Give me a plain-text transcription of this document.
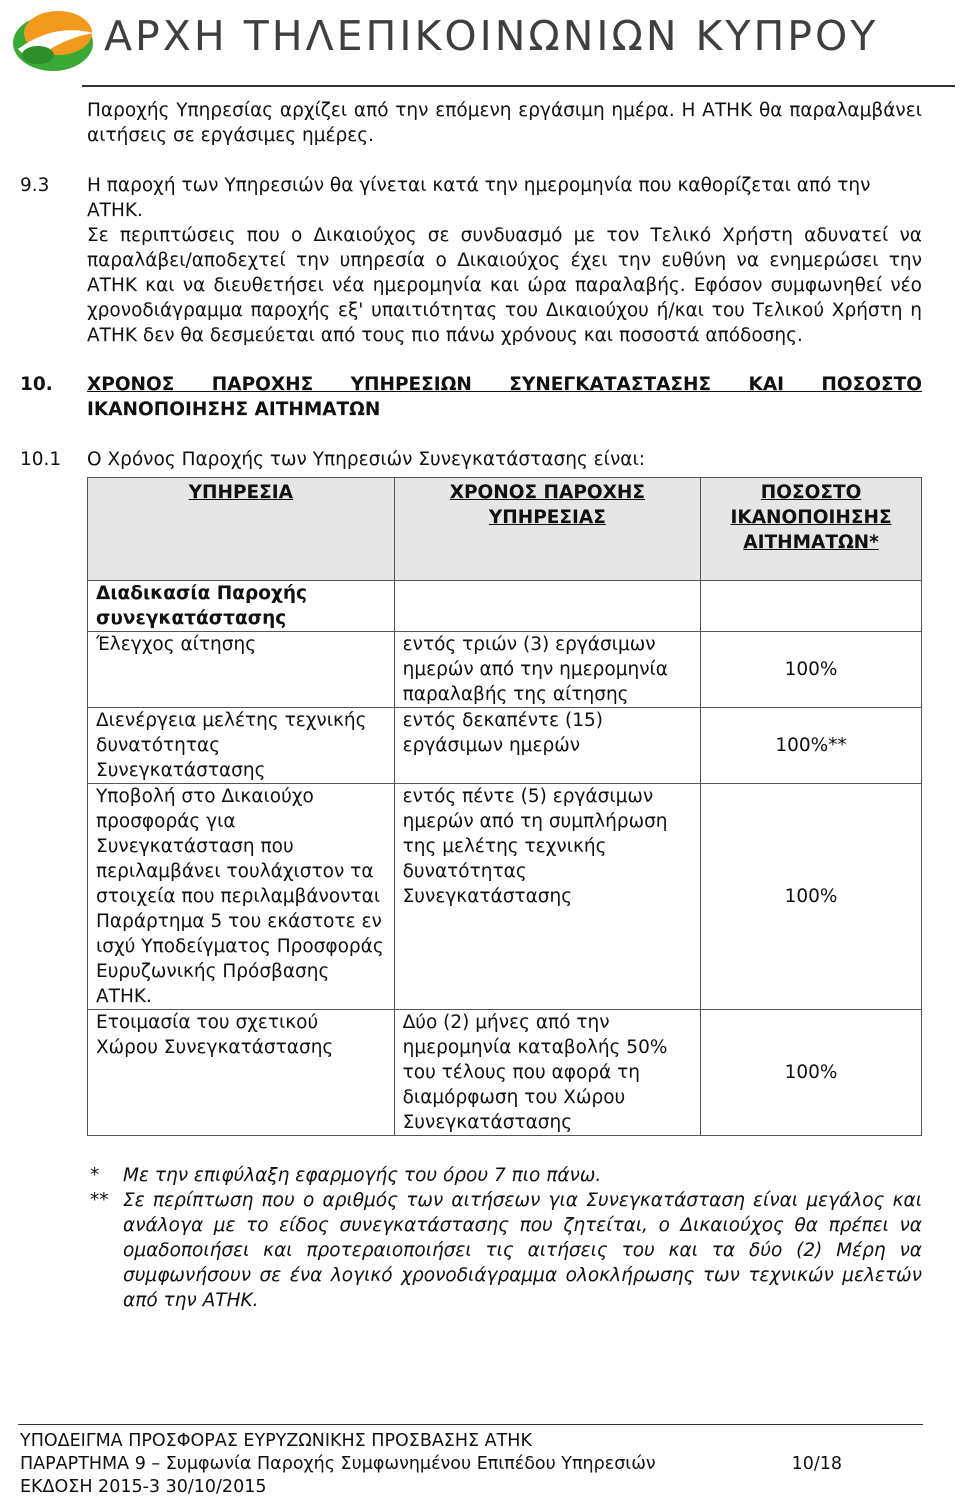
ΑΡΧΗ ΤΗΛΕΠΙΚΟΙΝΩΝΙΩΝ ΚΥΠΡΟΥ

Παροχής Υπηρεσίας αρχίζει από την επόμενη εργάσιμη ημέρα. Η ΑΤΗΚ θα παραλαμβάνει αιτήσεις σε εργάσιμες ημέρες.

9.3	Η παροχή των Υπηρεσιών θα γίνεται κατά την ημερομηνία που καθορίζεται από την ΑΤΗΚ.

Σε περιπτώσεις που ο Δικαιούχος σε συνδυασμό με τον Τελικό Χρήστη αδυνατεί να παραλάβει/αποδεχτεί την υπηρεσία ο Δικαιούχος έχει την ευθύνη να ενημερώσει την ΑΤΗΚ και να διευθετήσει νέα ημερομηνία και ώρα παραλαβής. Εφόσον συμφωνηθεί νέο χρονοδιάγραμμα παροχής εξ' υπαιτιότητας του Δικαιούχου ή/και του Τελικού Χρήστη η ΑΤΗΚ δεν θα δεσμεύεται από τους πιο πάνω χρόνους και ποσοστά απόδοσης.

10.	ΧΡΟΝΟΣ ΠΑΡΟΧΗΣ ΥΠΗΡΕΣΙΩΝ ΣΥΝΕΓΚΑΤΑΣΤΑΣΗΣ ΚΑΙ ΠΟΣΟΣΤΟ
ΙΚΑΝΟΠΟΙΗΣΗΣ ΑΙΤΗΜΑΤΩΝ
10.1	Ο Χρόνος Παροχής των Υπηρεσιών Συνεγκατάστασης είναι:
ΥΠΗΡΕΣΙΑ	ΧΡΟΝΟΣ ΠΑΡΟΧΗΣ ΥΠΗΡΕΣΙΑΣ	ΠΟΣΟΣΤΟ ΙΚΑΝΟΠΟΙΗΣΗΣ ΑΙΤΗΜΑΤΩΝ*
Διαδικασία Παροχής συνεγκατάστασης		
Έλεγχος αίτησης	εντός τριών (3) εργάσιμων ημερών από την ημερομηνία παραλαβής της αίτησης	100%
Διενέργεια μελέτης τεχνικής δυνατότητας Συνεγκατάστασης	εντός δεκαπέντε (15) εργάσιμων ημερών	100%**
Υποβολή στο Δικαιούχο προσφοράς για Συνεγκατάσταση που περιλαμβάνει τουλάχιστον τα στοιχεία που περιλαμβάνονται Παράρτημα 5 του εκάστοτε εν ισχύ Υποδείγματος Προσφοράς Ευρυζωνικής Πρόσβασης ΑΤΗΚ.	εντός πέντε (5) εργάσιμων ημερών από τη συμπλήρωση της μελέτης τεχνικής δυνατότητας Συνεγκατάστασης	100%
Ετοιμασία του σχετικού Χώρου Συνεγκατάστασης	Δύο (2) μήνες από την ημερομηνία καταβολής 50% του τέλους που αφορά τη διαμόρφωση του Χώρου Συνεγκατάστασης	100%
*	Με την επιφύλαξη εφαρμογής του όρου 7 πιο πάνω.
** Σε περίπτωση που ο αριθμός των αιτήσεων για Συνεγκατάσταση είναι μεγάλος και ανάλογα με το είδος συνεγκατάστασης που ζητείται, ο Δικαιούχος θα πρέπει να ομαδοποιήσει και προτεραιοποιήσει τις αιτήσεις του και τα δύο (2) Μέρη να συμφωνήσουν σε ένα λογικό χρονοδιάγραμμα ολοκλήρωσης των τεχνικών μελετών από την ΑΤΗΚ.
ΥΠΟΔΕΙΓΜΑ ΠΡΟΣΦΟΡΑΣ ΕΥΡΥΖΩΝΙΚΗΣ ΠΡΟΣΒΑΣΗΣ ΑΤΗΚ
ΠΑΡΑΡΤΗΜΑ 9 – Συμφωνία Παροχής Συμφωνημένου Επιπέδου Υπηρεσιών	10/18
ΕΚΔΟΣΗ 2015-3 30/10/2015
